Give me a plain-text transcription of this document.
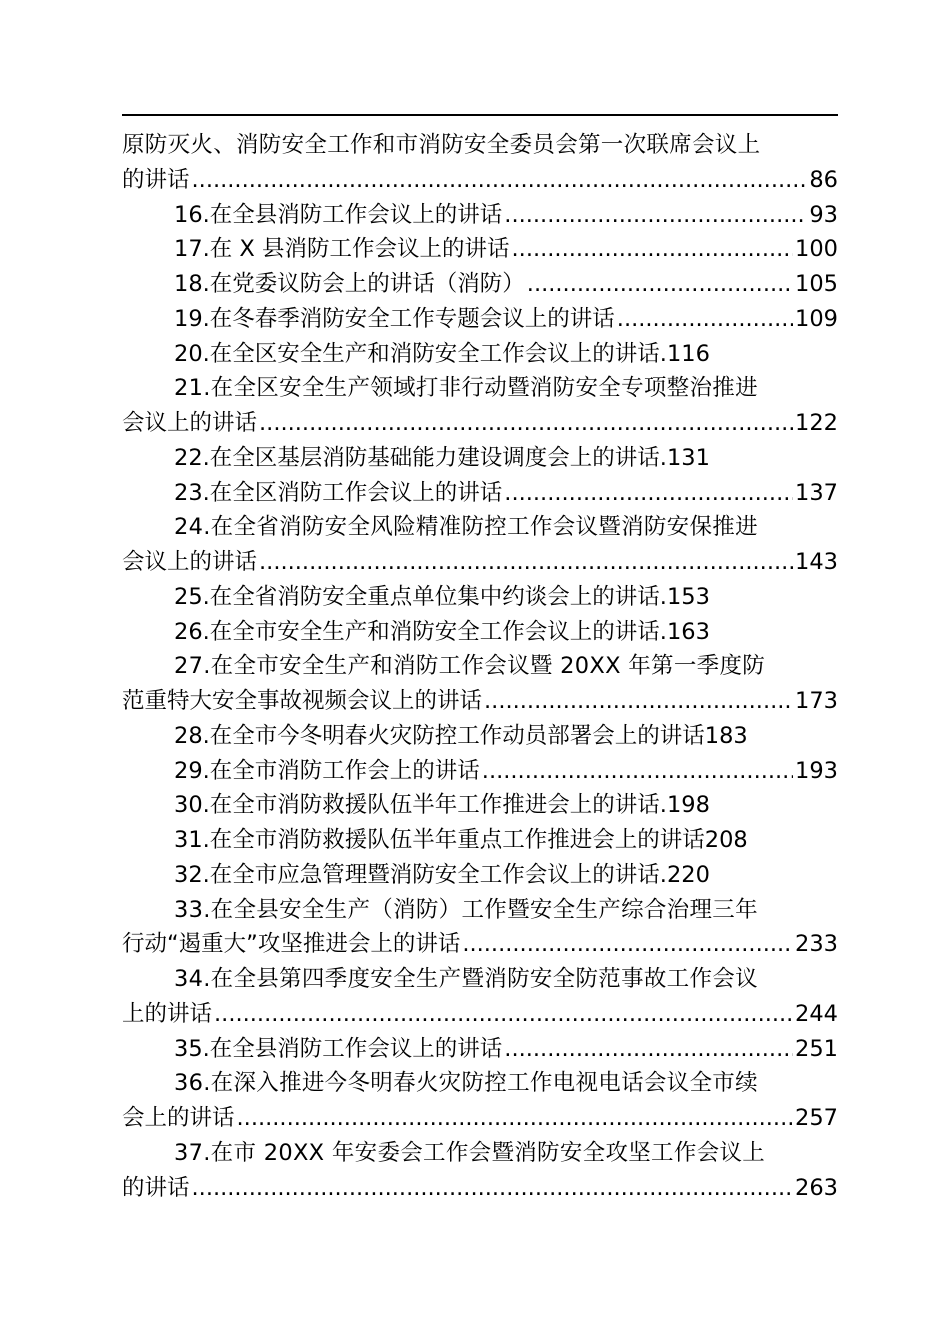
原防灭火、消防安全工作和市消防安全委员会第一次联席会议上
的讲话 .....	86
16.在全县消防工作会议上的讲话 .....	93
17.在 X 县消防工作会议上的讲话 .....	100
18.在党委议防会上的讲话（消防） .....	105
19.在冬春季消防安全工作专题会议上的讲话 .....	109
20.在全区安全生产和消防安全工作会议上的讲话. 116
21.在全区安全生产领域打非行动暨消防安全专项整治推进
会议上的讲话 .....	122
22.在全区基层消防基础能力建设调度会上的讲话. 131
23.在全区消防工作会议上的讲话 .....	137
24.在全省消防安全风险精准防控工作会议暨消防安保推进
会议上的讲话 .....	143
25.在全省消防安全重点单位集中约谈会上的讲话. 153
26.在全市安全生产和消防安全工作会议上的讲话. 163
27.在全市安全生产和消防工作会议暨 20XX 年第一季度防
范重特大安全事故视频会议上的讲话 .....	173
28.在全市今冬明春火灾防控工作动员部署会上的讲话 183
29.在全市消防工作会上的讲话 .....	193
30.在全市消防救援队伍半年工作推进会上的讲话. 198
31.在全市消防救援队伍半年重点工作推进会上的讲话 208
32.在全市应急管理暨消防安全工作会议上的讲话. 220
33.在全县安全生产（消防）工作暨安全生产综合治理三年
行动“遏重大”攻坚推进会上的讲话 .....	233
34.在全县第四季度安全生产暨消防安全防范事故工作会议
上的讲话 .....	244
35.在全县消防工作会议上的讲话 .....	251
36.在深入推进今冬明春火灾防控工作电视电话会议全市续
会上的讲话 .....	257
37.在市 20XX 年安委会工作会暨消防安全攻坚工作会议上
的讲话 .....	263
